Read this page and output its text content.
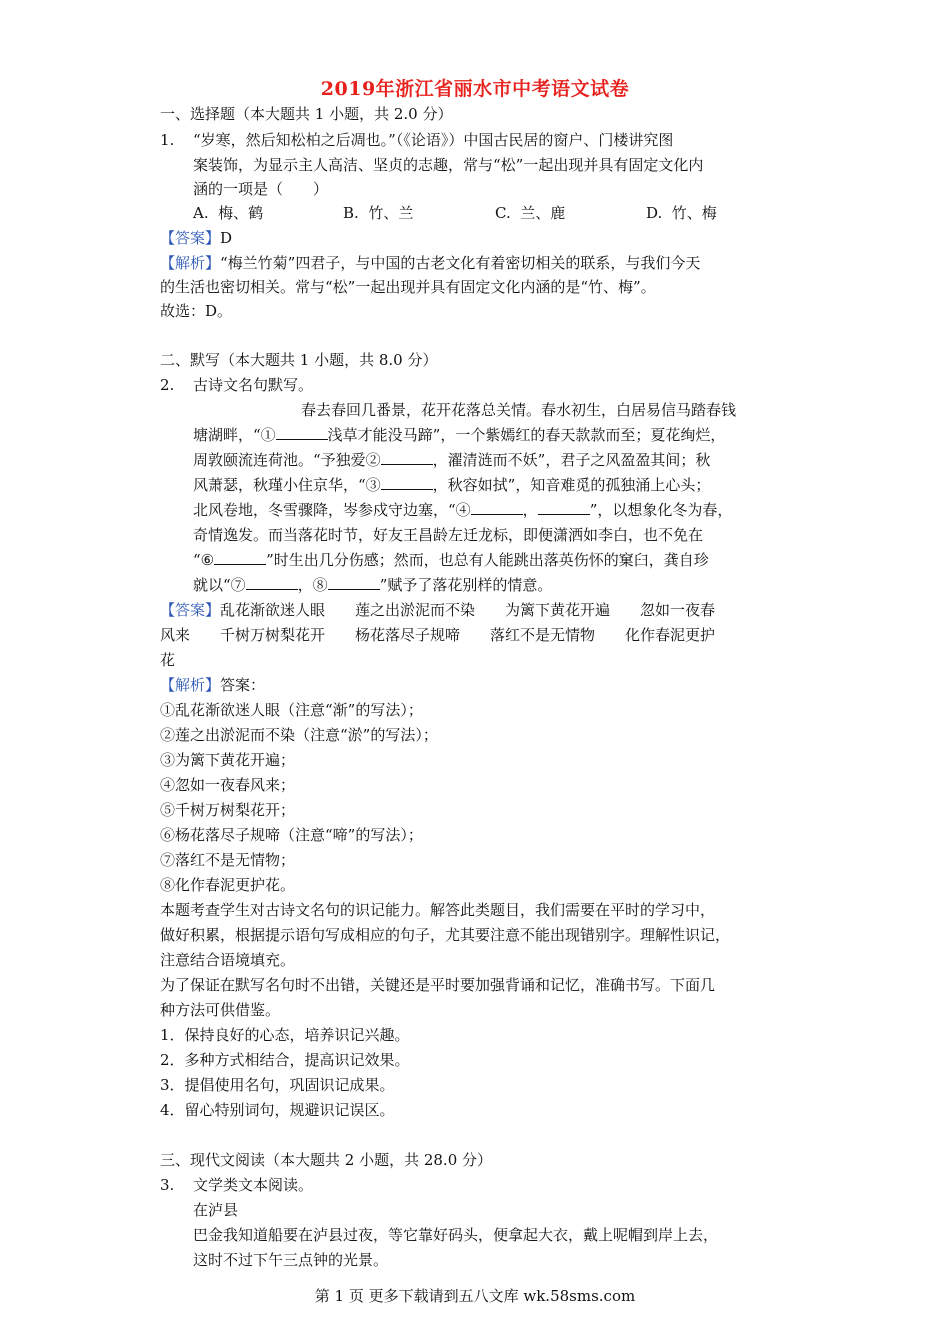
2019年浙江省丽水市中考语文试卷
一、选择题（本大题共 1 小题，共 2.0 分）
1. “岁寒，然后知松柏之后凋也。”（《论语》）中国古民居的窗户、门楼讲究图
案装饰，为显示主人高洁、坚贞的志趣，常与“松”一起出现并具有固定文化内
涵的一项是（　　）
A.  梅、鹤	B.  竹、兰	C.  兰、鹿	D.  竹、梅
【答案】D
【解析】“梅兰竹菊”四君子，与中国的古老文化有着密切相关的联系，与我们今天
的生活也密切相关。常与“松”一起出现并具有固定文化内涵的是“竹、梅”。
故选：D。
二、默写（本大题共 1 小题，共 8.0 分）
2. 古诗文名句默写。
春去春回几番景，花开花落总关情。春水初生，白居易信马踏春钱
塘湖畔，“①	浅草才能没马蹄”，一个紫嫣红的春天款款而至；夏花绚烂，
周敦颐流连荷池。“予独爱②	，濯清涟而不妖”，君子之风盈盈其间；秋
风萧瑟，秋瑾小住京华，“③	，秋容如拭”，知音难觅的孤独涌上心头；
北风卷地，冬雪骤降，岑参戍守边塞，“④	，	”，以想象化冬为春，
奇情逸发。而当落花时节，好友王昌龄左迁龙标，即便潇洒如李白，也不免在
“⑥	”时生出几分伤感；然而，也总有人能跳出落英伤怀的窠臼，龚自珍
就以“⑦	，⑧	”赋予了落花别样的情意。
【答案】乱花渐欲迷人眼　　莲之出淤泥而不染　　为篱下黄花开遍　　忽如一夜春
风来　　千树万树梨花开　　杨花落尽子规啼　　落红不是无情物　　化作春泥更护
花
【解析】答案：
①乱花渐欲迷人眼（注意“渐”的写法）；
②莲之出淤泥而不染（注意“淤”的写法）；
③为篱下黄花开遍；
④忽如一夜春风来；
⑤千树万树梨花开；
⑥杨花落尽子规啼（注意“啼”的写法）；
⑦落红不是无情物；
⑧化作春泥更护花。
本题考查学生对古诗文名句的识记能力。解答此类题目，我们需要在平时的学习中，
做好积累，根据提示语句写成相应的句子，尤其要注意不能出现错别字。理解性识记，
注意结合语境填充。
为了保证在默写名句时不出错，关键还是平时要加强背诵和记忆，准确书写。下面几
种方法可供借鉴。
1．保持良好的心态，培养识记兴趣。
2．多种方式相结合，提高识记效果。
3．提倡使用名句，巩固识记成果。
4．留心特别词句，规避识记误区。
三、现代文阅读（本大题共 2 小题，共 28.0 分）
3. 文学类文本阅读。
在泸县
巴金我知道船要在泸县过夜，等它靠好码头，便拿起大衣，戴上呢帽到岸上去，
这时不过下午三点钟的光景。
第 1 页 更多下载请到五八文库 wk.58sms.com
